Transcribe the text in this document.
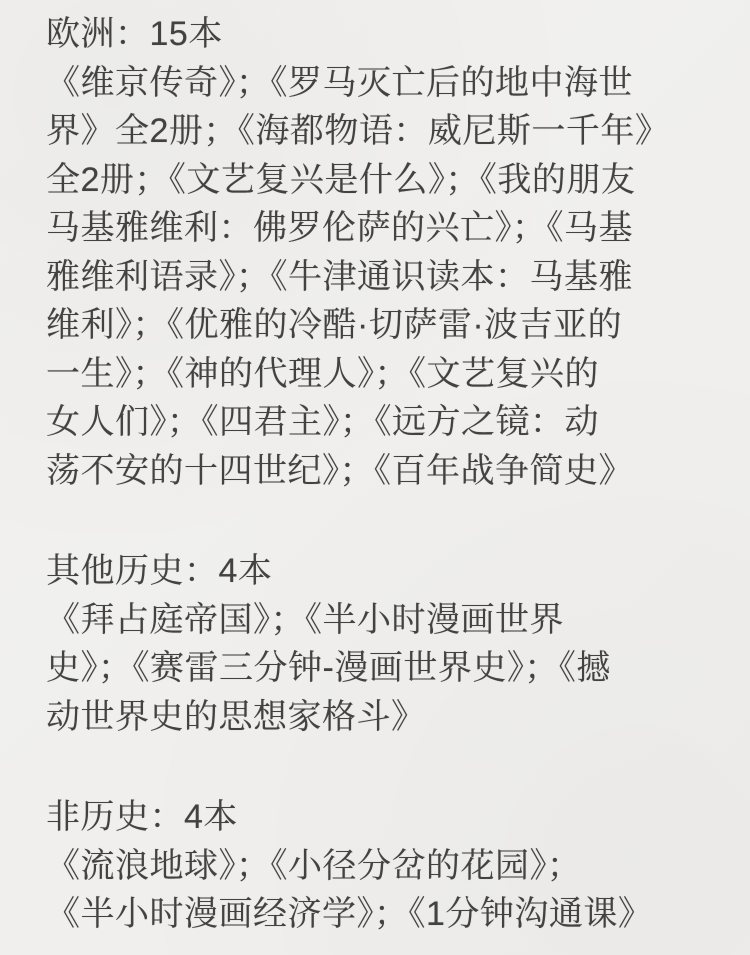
欧洲：15本
《维京传奇》；《罗马灭亡后的地中海世
界》全2册；《海都物语：威尼斯一千年》
全2册；《文艺复兴是什么》；《我的朋友
马基雅维利：佛罗伦萨的兴亡》；《马基
雅维利语录》；《牛津通识读本：马基雅
维利》；《优雅的冷酷·切萨雷·波吉亚的
一生》；《神的代理人》；《文艺复兴的
女人们》；《四君主》；《远方之镜：动
荡不安的十四世纪》；《百年战争简史》
其他历史：4本
《拜占庭帝国》；《半小时漫画世界
史》；《赛雷三分钟-漫画世界史》；《撼
动世界史的思想家格斗》
非历史：4本
《流浪地球》；《小径分岔的花园》；
《半小时漫画经济学》；《1分钟沟通课》
